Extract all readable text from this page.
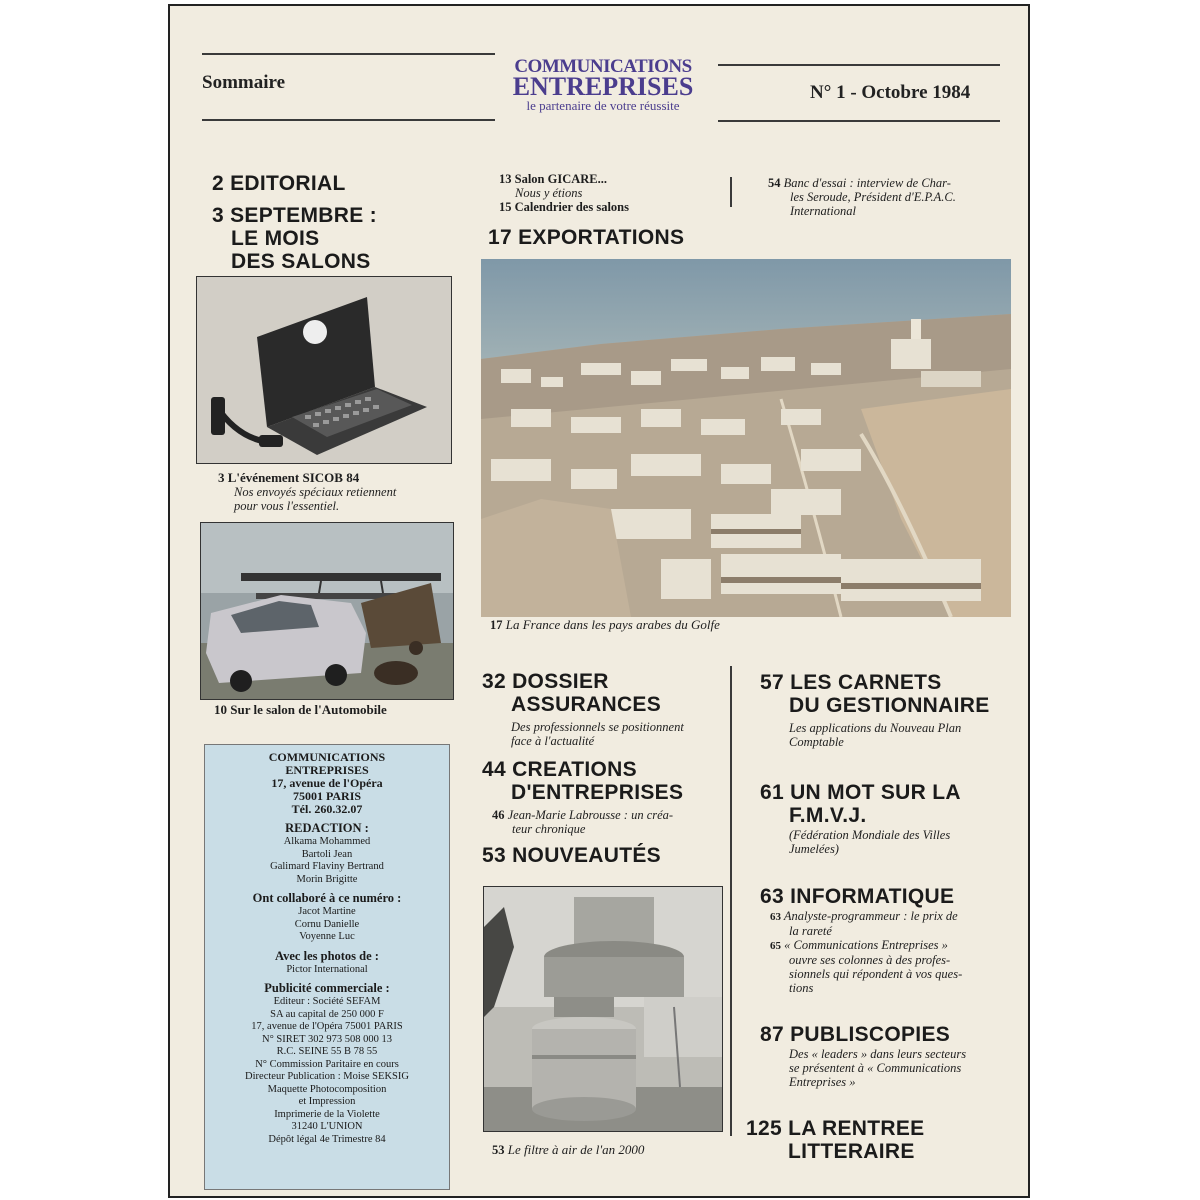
Sommaire
COMMUNICATIONS
ENTREPRISES
le partenaire de votre réussite
N° 1 - Octobre 1984
2 EDITORIAL
3 SEPTEMBRE :
LE MOIS
DES SALONS
3 L'événement SICOB 84
Nos envoyés spéciaux retiennent
pour vous l'essentiel.
10 Sur le salon de l'Automobile
COMMUNICATIONS
ENTREPRISES
17, avenue de l'Opéra
75001 PARIS
Tél. 260.32.07
REDACTION :
Alkama Mohammed
Bartoli Jean
Galimard Flaviny Bertrand
Morin Brigitte
Ont collaboré à ce numéro :
Jacot Martine
Cornu Danielle
Voyenne Luc
Avec les photos de :
Pictor International
Publicité commerciale :
Editeur : Société SEFAM
SA au capital de 250 000 F
17, avenue de l'Opéra 75001 PARIS
N° SIRET 302 973 508 000 13
R.C. SEINE 55 B 78 55
N° Commission Paritaire en cours
Directeur Publication : Moise SEKSIG
Maquette Photocomposition
et Impression
Imprimerie de la Violette
31240 L'UNION
Dépôt légal 4e Trimestre 84
13 Salon GICARE...
Nous y étions
15 Calendrier des salons
17 EXPORTATIONS
17 La France dans les pays arabes du Golfe
32 DOSSIER
ASSURANCES
Des professionnels se positionnent
face à l'actualité
44 CREATIONS
D'ENTREPRISES
46 Jean-Marie Labrousse : un créa-
teur chronique
53 NOUVEAUTÉS
53 Le filtre à air de l'an 2000
54 Banc d'essai : interview de Char-
les Seroude, Président d'E.P.A.C.
International
57 LES CARNETS
DU GESTIONNAIRE
Les applications du Nouveau Plan
Comptable
61 UN MOT SUR LA
F.M.V.J.
(Fédération Mondiale des Villes
Jumelées)
63 INFORMATIQUE
63 Analyste-programmeur : le prix de
la rareté
65 « Communications Entreprises »
ouvre ses colonnes à des profes-
sionnels qui répondent à vos ques-
tions
87 PUBLISCOPIES
Des « leaders » dans leurs secteurs
se présentent à « Communications
Entreprises »
125 LA RENTREE
LITTERAIRE
